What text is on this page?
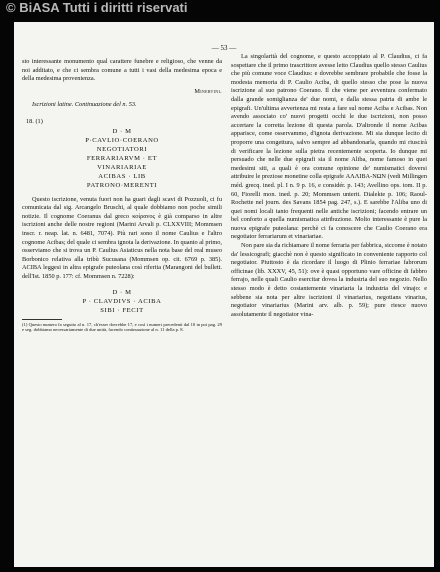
© BiASA Tutti i diritti riservati
— 53 —

sto interessante monumento qual carattere funebre e religioso, che venne da noi additato, e che ci sembra comune a tutti i vasi della medesima epoca e della medesima provenienza.

Minervini.

Iscrizioni latine. Continuazione del n. 53.

18. (1)

D · M

P·CAVLIO·COERANO

NEGOTIATORI

FERRARIARVM · ET

VINARIARIAE

ACIBAS · LIB

PATRONO·MERENTI

Questo iscrizione, venuta fuori non ha guari dagli scavi di Pozzuoli, ci fu comunicata dal sig. Arcangelo Bruschi, al quale dobbiamo non poche simili notizie. Il cognome Coeranus dal greco κοίρανος è già comparso in altre iscrizioni anche delle nostre regioni (Marini Arvali p. CLXXVIII; Mommsen inscr. r. neap. lat. n. 6481, 7074). Più rari sono il nome Caulius e l'altro cognome Acibas; del quale ci sembra ignota la derivazione. In quanto al primo, osserviamo che si trova un P. Caulius Asiaticus nella nota base del real museo Borbonico relativa alla tribù Sucusana (Mommsen op. cit. 6769 p. 385). ACIBA leggesi in altra epigrafe puteolana così riferita (Marangoni del bullett. dell'Ist. 1850 p. 177: cf. Mommsen n. 7228):

D · M

P · CLAVDIVS · ACIBA

SIBI · FECIT

(1) Questo numero fa seguito al n. 17, ch'esser dovrebbe 17, e così i numeri precedenti dal 10 in poi pag. 29 e seg. dobbiamo necessariamente di due unità, facendo continuazione al n. 11 della p. 8.

La singolarità del cognome, e questo accoppiato al P. Claudius, ci fa sospettare che il primo trascrittore avesse letto Claudius quello stesso Caulius che più comune voce Claudius: e dovrebbe sembrare probabile che fosse la modesta memoria di P. Caulio Aciba, di quello stesso che pose la nuova iscrizione al suo patrono Coerano. Il che viene per avventura confermato dalla grande somiglianza de' due nomi, e dalla stessa patria di ambe le epigrafi. Un'ultima avvertenza mi resta a fare sul nome Aciba e Acibas. Non avendo associato co' nuovi progetti occhi le due iscrizioni, non posso accertare la corretta lezione di questa parola. D'altronde il nome Acibas apparisce, come osservammo, d'ignota derivazione. Mi sia dunque lecito di proporre una congettura, salvo sempre ad abbandonarla, quando mi riuscirà di verificare la lezione sulla pietra recentemente scoperta. Io dunque mi persuado che nelle due epigrafi sia il nome Aliba, nome famoso in quei medesimi siti, a quali è ora comune opinione de' numismatici doversi attribuire le preziose monetine colla epigrafe ΑΛΛΙΒΑ-ΝΩΝ (vedi Millingen méd. grecq. ined. pl. I n. 9 p. 16, e considér. p. 143; Avellino ops. tom. II p. 60, Fiorelli mon. ined. p. 20; Mommsen unterit. Dialekte p. 106; Raoul-Rochette nel journ. des Savans 1854 pag. 247, s.). E sarebbe l'Aliba uno di quei nomi locali tanto frequenti nelle antiche iscrizioni; facendo entrare un bel conforto a quella numismatica attribuzione. Molto interessante è pure la nuova epigrafe puteolana: perchè ci fa conoscere che Caulio Coerano era negotiator ferrariarum et vinariariae.

Non pare sia da richiamare il nome ferraria per fabbrica, siccome è notato da' lessicografi; giacchè non è questo significato in conveniente rapporto col negotiator. Piuttosto è da ricordare il luogo di Plinio ferrariae fabrorum officinae (lib. XXXV, 45, 51): ove è quasi opportuno vare officine di fabbro ferrajo, nelle quali Caulio esercitar dovea la industria del suo negozio. Nello stesso modo è detto costantemente vinariaria la industria del vinajo: e sebbene sia nota per altre iscrizioni il vinariarius, negotians vinarius, negotiator vinariarius (Marini arv. alb. p. 59); pure riesce nuovo assolutamente il negotiator vina-
